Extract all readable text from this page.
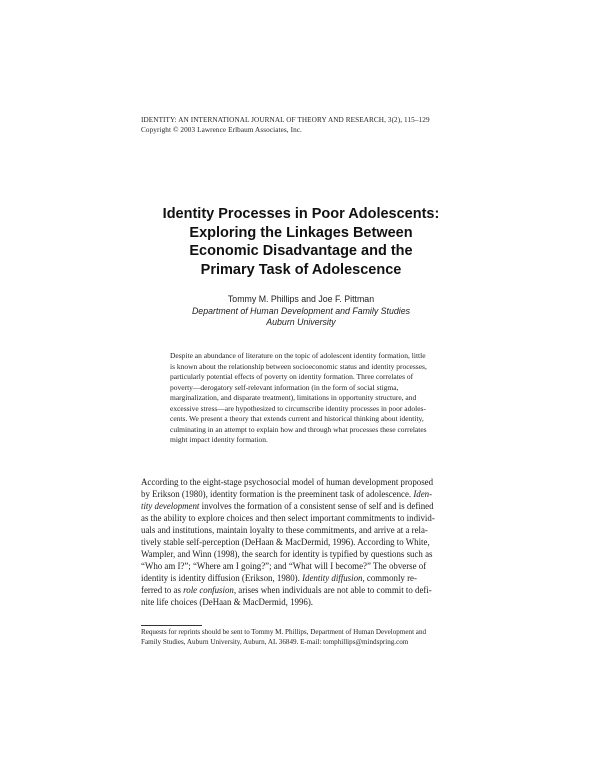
IDENTITY: AN INTERNATIONAL JOURNAL OF THEORY AND RESEARCH, 3(2), 115–129
Copyright © 2003 Lawrence Erlbaum Associates, Inc.
Identity Processes in Poor Adolescents:
Exploring the Linkages Between
Economic Disadvantage and the
Primary Task of Adolescence
Tommy M. Phillips and Joe F. Pittman
Department of Human Development and Family Studies
Auburn University
Despite an abundance of literature on the topic of adolescent identity formation, little
is known about the relationship between socioeconomic status and identity processes,
particularly potential effects of poverty on identity formation. Three correlates of
poverty—derogatory self-relevant information (in the form of social stigma,
marginalization, and disparate treatment), limitations in opportunity structure, and
excessive stress—are hypothesized to circumscribe identity processes in poor adoles-
cents. We present a theory that extends current and historical thinking about identity,
culminating in an attempt to explain how and through what processes these correlates
might impact identity formation.
According to the eight-stage psychosocial model of human development proposed
by Erikson (1980), identity formation is the preeminent task of adolescence. Iden-
tity development involves the formation of a consistent sense of self and is defined
as the ability to explore choices and then select important commitments to individ-
uals and institutions, maintain loyalty to these commitments, and arrive at a rela-
tively stable self-perception (DeHaan & MacDermid, 1996). According to White,
Wampler, and Winn (1998), the search for identity is typified by questions such as
“Who am I?”; “Where am I going?”; and “What will I become?” The obverse of
identity is identity diffusion (Erikson, 1980). Identity diffusion, commonly re-
ferred to as role confusion, arises when individuals are not able to commit to defi-
nite life choices (DeHaan & MacDermid, 1996).
Requests for reprints should be sent to Tommy M. Phillips, Department of Human Development and
Family Studies, Auburn University, Auburn, AL 36849. E-mail: tomphillips@mindspring.com
